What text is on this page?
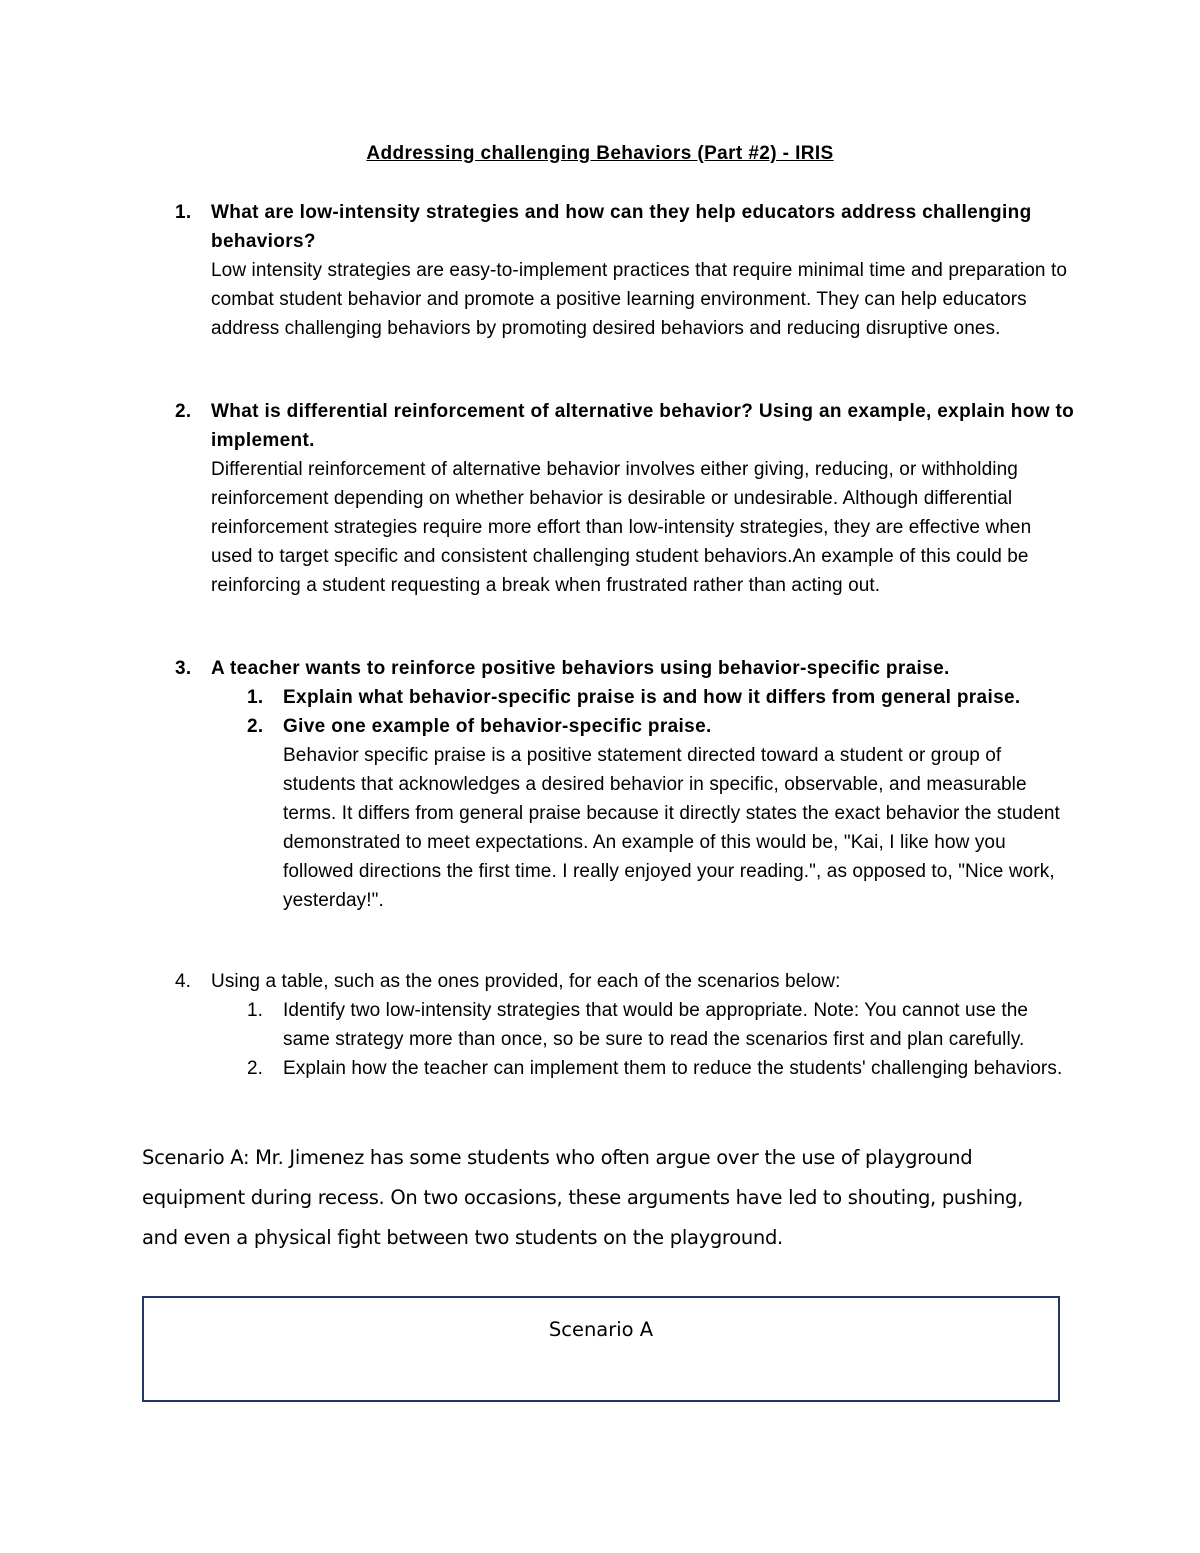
Addressing challenging Behaviors (Part #2) - IRIS
1.	What are low-intensity strategies and how can they help educators address challenging behaviors?
Low intensity strategies are easy-to-implement practices that require minimal time and preparation to combat student behavior and promote a positive learning environment. They can help educators address challenging behaviors by promoting desired behaviors and reducing disruptive ones.
2.	What is differential reinforcement of alternative behavior? Using an example, explain how to implement.
Differential reinforcement of alternative behavior involves either giving, reducing, or withholding reinforcement depending on whether behavior is desirable or undesirable. Although differential reinforcement strategies require more effort than low-intensity strategies, they are effective when used to target specific and consistent challenging student behaviors.An example of this could be reinforcing a student requesting a break when frustrated rather than acting out.
3.	A teacher wants to reinforce positive behaviors using behavior-specific praise.
1.	Explain what behavior-specific praise is and how it differs from general praise.
2.	Give one example of behavior-specific praise.
Behavior specific praise is a positive statement directed toward a student or group of students that acknowledges a desired behavior in specific, observable, and measurable terms. It differs from general praise because it directly states the exact behavior the student demonstrated to meet expectations. An example of this would be, "Kai, I like how you followed directions the first time. I really enjoyed your reading.", as opposed to, "Nice work, yesterday!".
4.	Using a table, such as the ones provided, for each of the scenarios below:
1.	Identify two low-intensity strategies that would be appropriate. Note: You cannot use the same strategy more than once, so be sure to read the scenarios first and plan carefully.
2.	Explain how the teacher can implement them to reduce the students' challenging behaviors.
Scenario A: Mr. Jimenez has some students who often argue over the use of playground equipment during recess. On two occasions, these arguments have led to shouting, pushing, and even a physical fight between two students on the playground.
Scenario A
